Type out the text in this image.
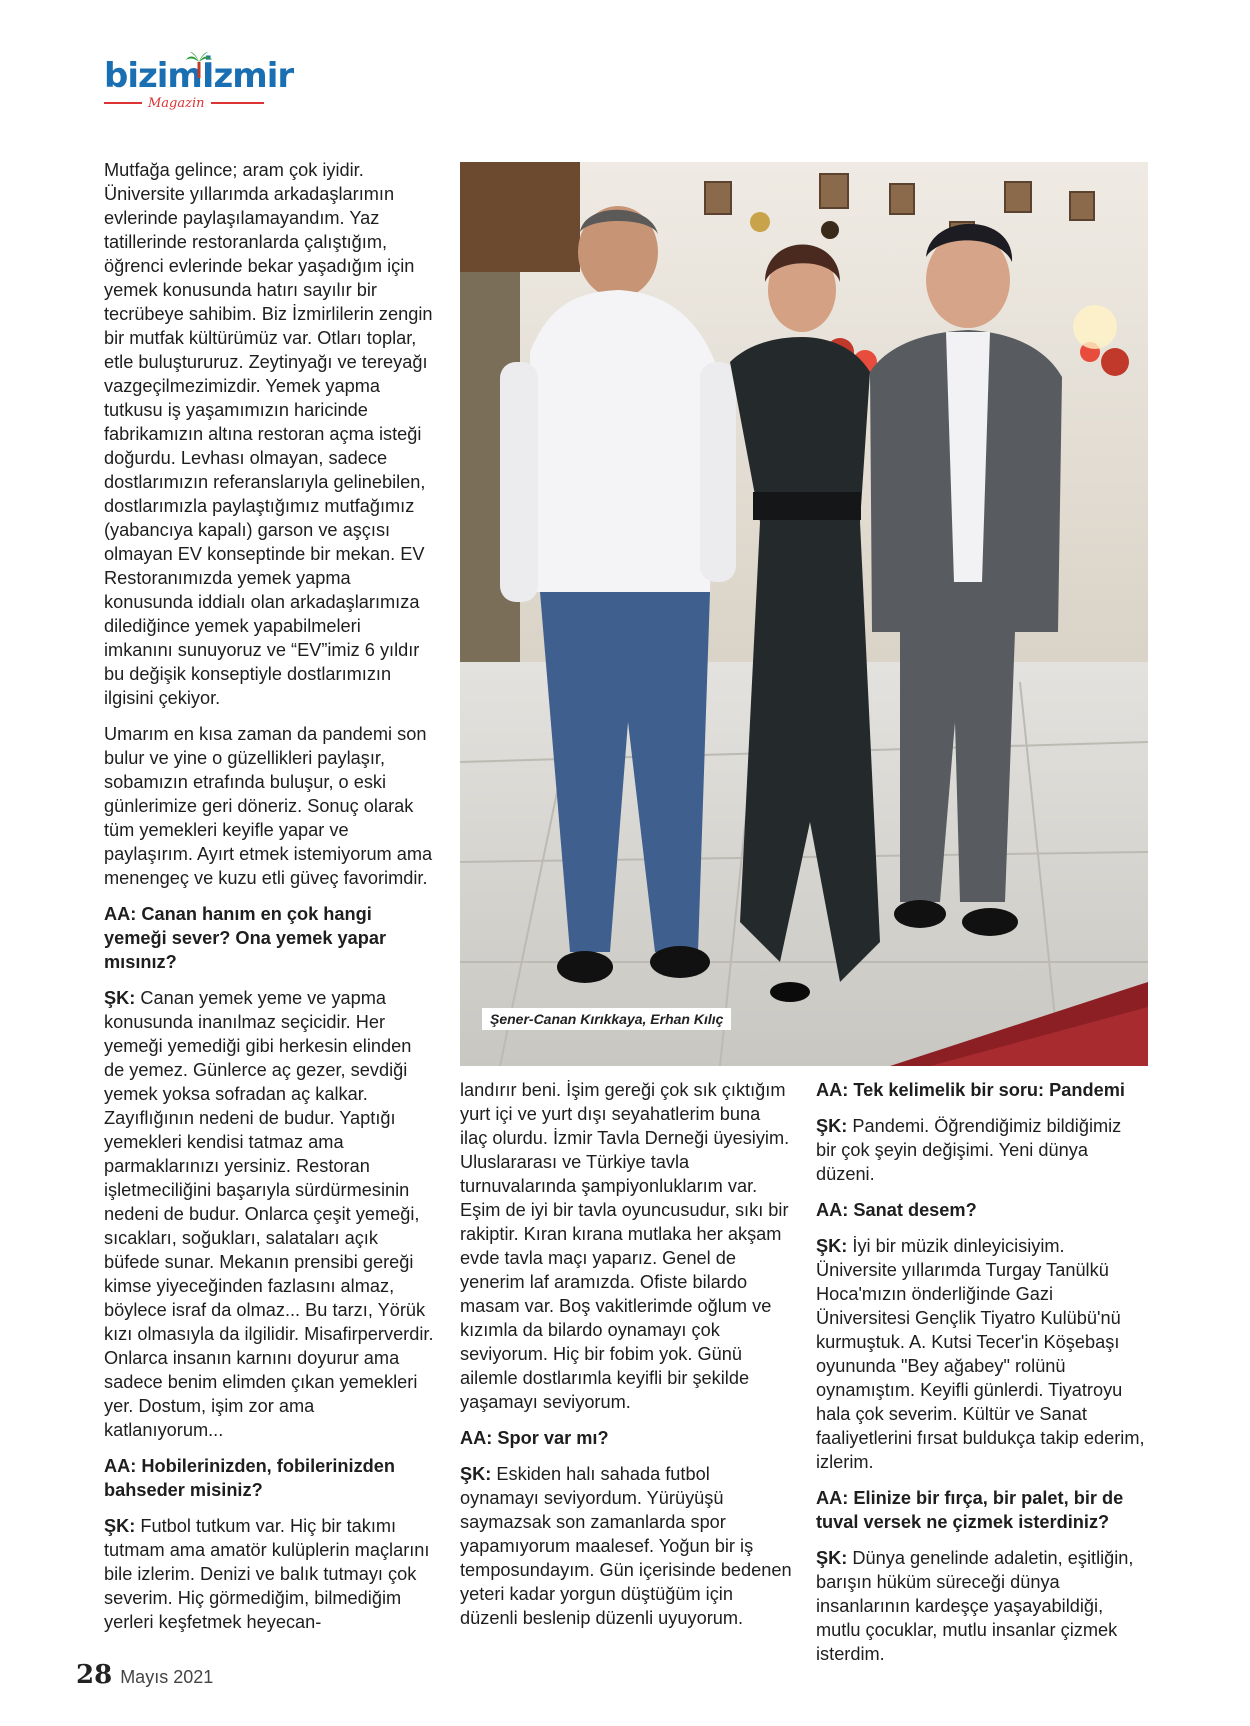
bizimİzmir
Magazin

Mutfağa gelince; aram çok iyidir. Üniversite yıllarımda arkadaşlarımın evlerinde paylaşılamayandım. Yaz tatillerinde restoranlarda çalıştığım, öğrenci evlerinde bekar yaşadığım için yemek konusunda hatırı sayılır bir tecrübeye sahibim. Biz İzmirlilerin zengin bir mutfak kültürümüz var. Otları toplar, etle buluştururuz. Zeytinyağı ve tereyağı vazgeçilmezimizdir. Yemek yapma tutkusu iş yaşamımızın haricinde fabrikamızın altına restoran açma isteği doğurdu. Levhası olmayan, sadece dostlarımızın referanslarıyla gelinebilen, dostlarımızla paylaştığımız mutfağımız (yabancıya kapalı) garson ve aşçısı olmayan EV konseptinde bir mekan. EV Restoranımızda yemek yapma konusunda iddialı olan arkadaşlarımıza dilediğince yemek yapabilmeleri imkanını sunuyoruz ve “EV”imiz 6 yıldır bu değişik konseptiyle dostlarımızın ilgisini çekiyor.

Umarım en kısa zaman da pandemi son bulur ve yine o güzellikleri paylaşır, sobamızın etrafında buluşur, o eski günlerimize geri döneriz. Sonuç olarak tüm yemekleri keyifle yapar ve paylaşırım. Ayırt etmek istemiyorum ama menengeç ve kuzu etli güveç favorimdir.

AA: Canan hanım en çok hangi yemeği sever? Ona yemek yapar mısınız?

ŞK: Canan yemek yeme ve yapma konusunda inanılmaz seçicidir. Her yemeği yemediği gibi herkesin elinden de yemez. Günlerce aç gezer, sevdiği yemek yoksa sofradan aç kalkar. Zayıflığının nedeni de budur. Yaptığı yemekleri kendisi tatmaz ama parmaklarınızı yersiniz. Restoran işletmeciliğini başarıyla sürdürmesinin nedeni de budur. Onlarca çeşit yemeği, sıcakları, soğukları, salataları açık büfede sunar. Mekanın prensibi gereği kimse yiyeceğinden fazlasını almaz, böylece israf da olmaz... Bu tarzı, Yörük kızı olmasıyla da ilgilidir. Misafirperverdir. Onlarca insanın karnını doyurur ama sadece benim elimden çıkan yemekleri yer. Dostum, işim zor ama katlanıyorum...

AA: Hobilerinizden, fobilerinizden bahseder misiniz?

ŞK: Futbol tutkum var. Hiç bir takımı tutmam ama amatör kulüplerin maçlarını bile izlerim. Denizi ve balık tutmayı çok severim. Hiç görmediğim, bilmediğim yerleri keşfetmek heyecan-

landırır beni. İşim gereği çok sık çıktığım yurt içi ve yurt dışı seyahatlerim buna ilaç olurdu. İzmir Tavla Derneği üyesiyim. Uluslararası ve Türkiye tavla turnuvalarında şampiyonluklarım var. Eşim de iyi bir tavla oyuncusudur, sıkı bir rakiptir. Kıran kırana mutlaka her akşam evde tavla maçı yaparız. Genel de yenerim laf aramızda. Ofiste bilardo masam var. Boş vakitlerimde oğlum ve kızımla da bilardo oynamayı çok seviyorum. Hiç bir fobim yok. Günü ailemle dostlarımla keyifli bir şekilde yaşamayı seviyorum.

AA: Spor var mı?

ŞK: Eskiden halı sahada futbol oynamayı seviyordum. Yürüyüşü saymazsak son zamanlarda spor yapamıyorum maalesef. Yoğun bir iş temposundayım. Gün içerisinde bedenen yeteri kadar yorgun düştüğüm için düzenli beslenip düzenli uyuyorum.

AA: Tek kelimelik bir soru: Pandemi

ŞK: Pandemi. Öğrendiğimiz bildiğimiz bir çok şeyin değişimi. Yeni dünya düzeni.

AA: Sanat desem?

ŞK: İyi bir müzik dinleyicisiyim. Üniversite yıllarımda Turgay Tanülkü Hoca'mızın önderliğinde Gazi Üniversitesi Gençlik Tiyatro Kulübü'nü kurmuştuk. A. Kutsi Tecer'in Köşebaşı oyununda "Bey ağabey" rolünü oynamıştım. Keyifli günlerdi. Tiyatroyu hala çok severim. Kültür ve Sanat faaliyetlerini fırsat buldukça takip ederim, izlerim.

AA: Elinize bir fırça, bir palet, bir de tuval versek ne çizmek isterdiniz?

ŞK: Dünya genelinde adaletin, eşitliğin, barışın hüküm süreceği dünya insanlarının kardeşçe yaşayabildiği, mutlu çocuklar, mutlu insanlar çizmek isterdim.

Şener-Canan Kırıkkaya, Erhan Kılıç
28 Mayıs 2021
